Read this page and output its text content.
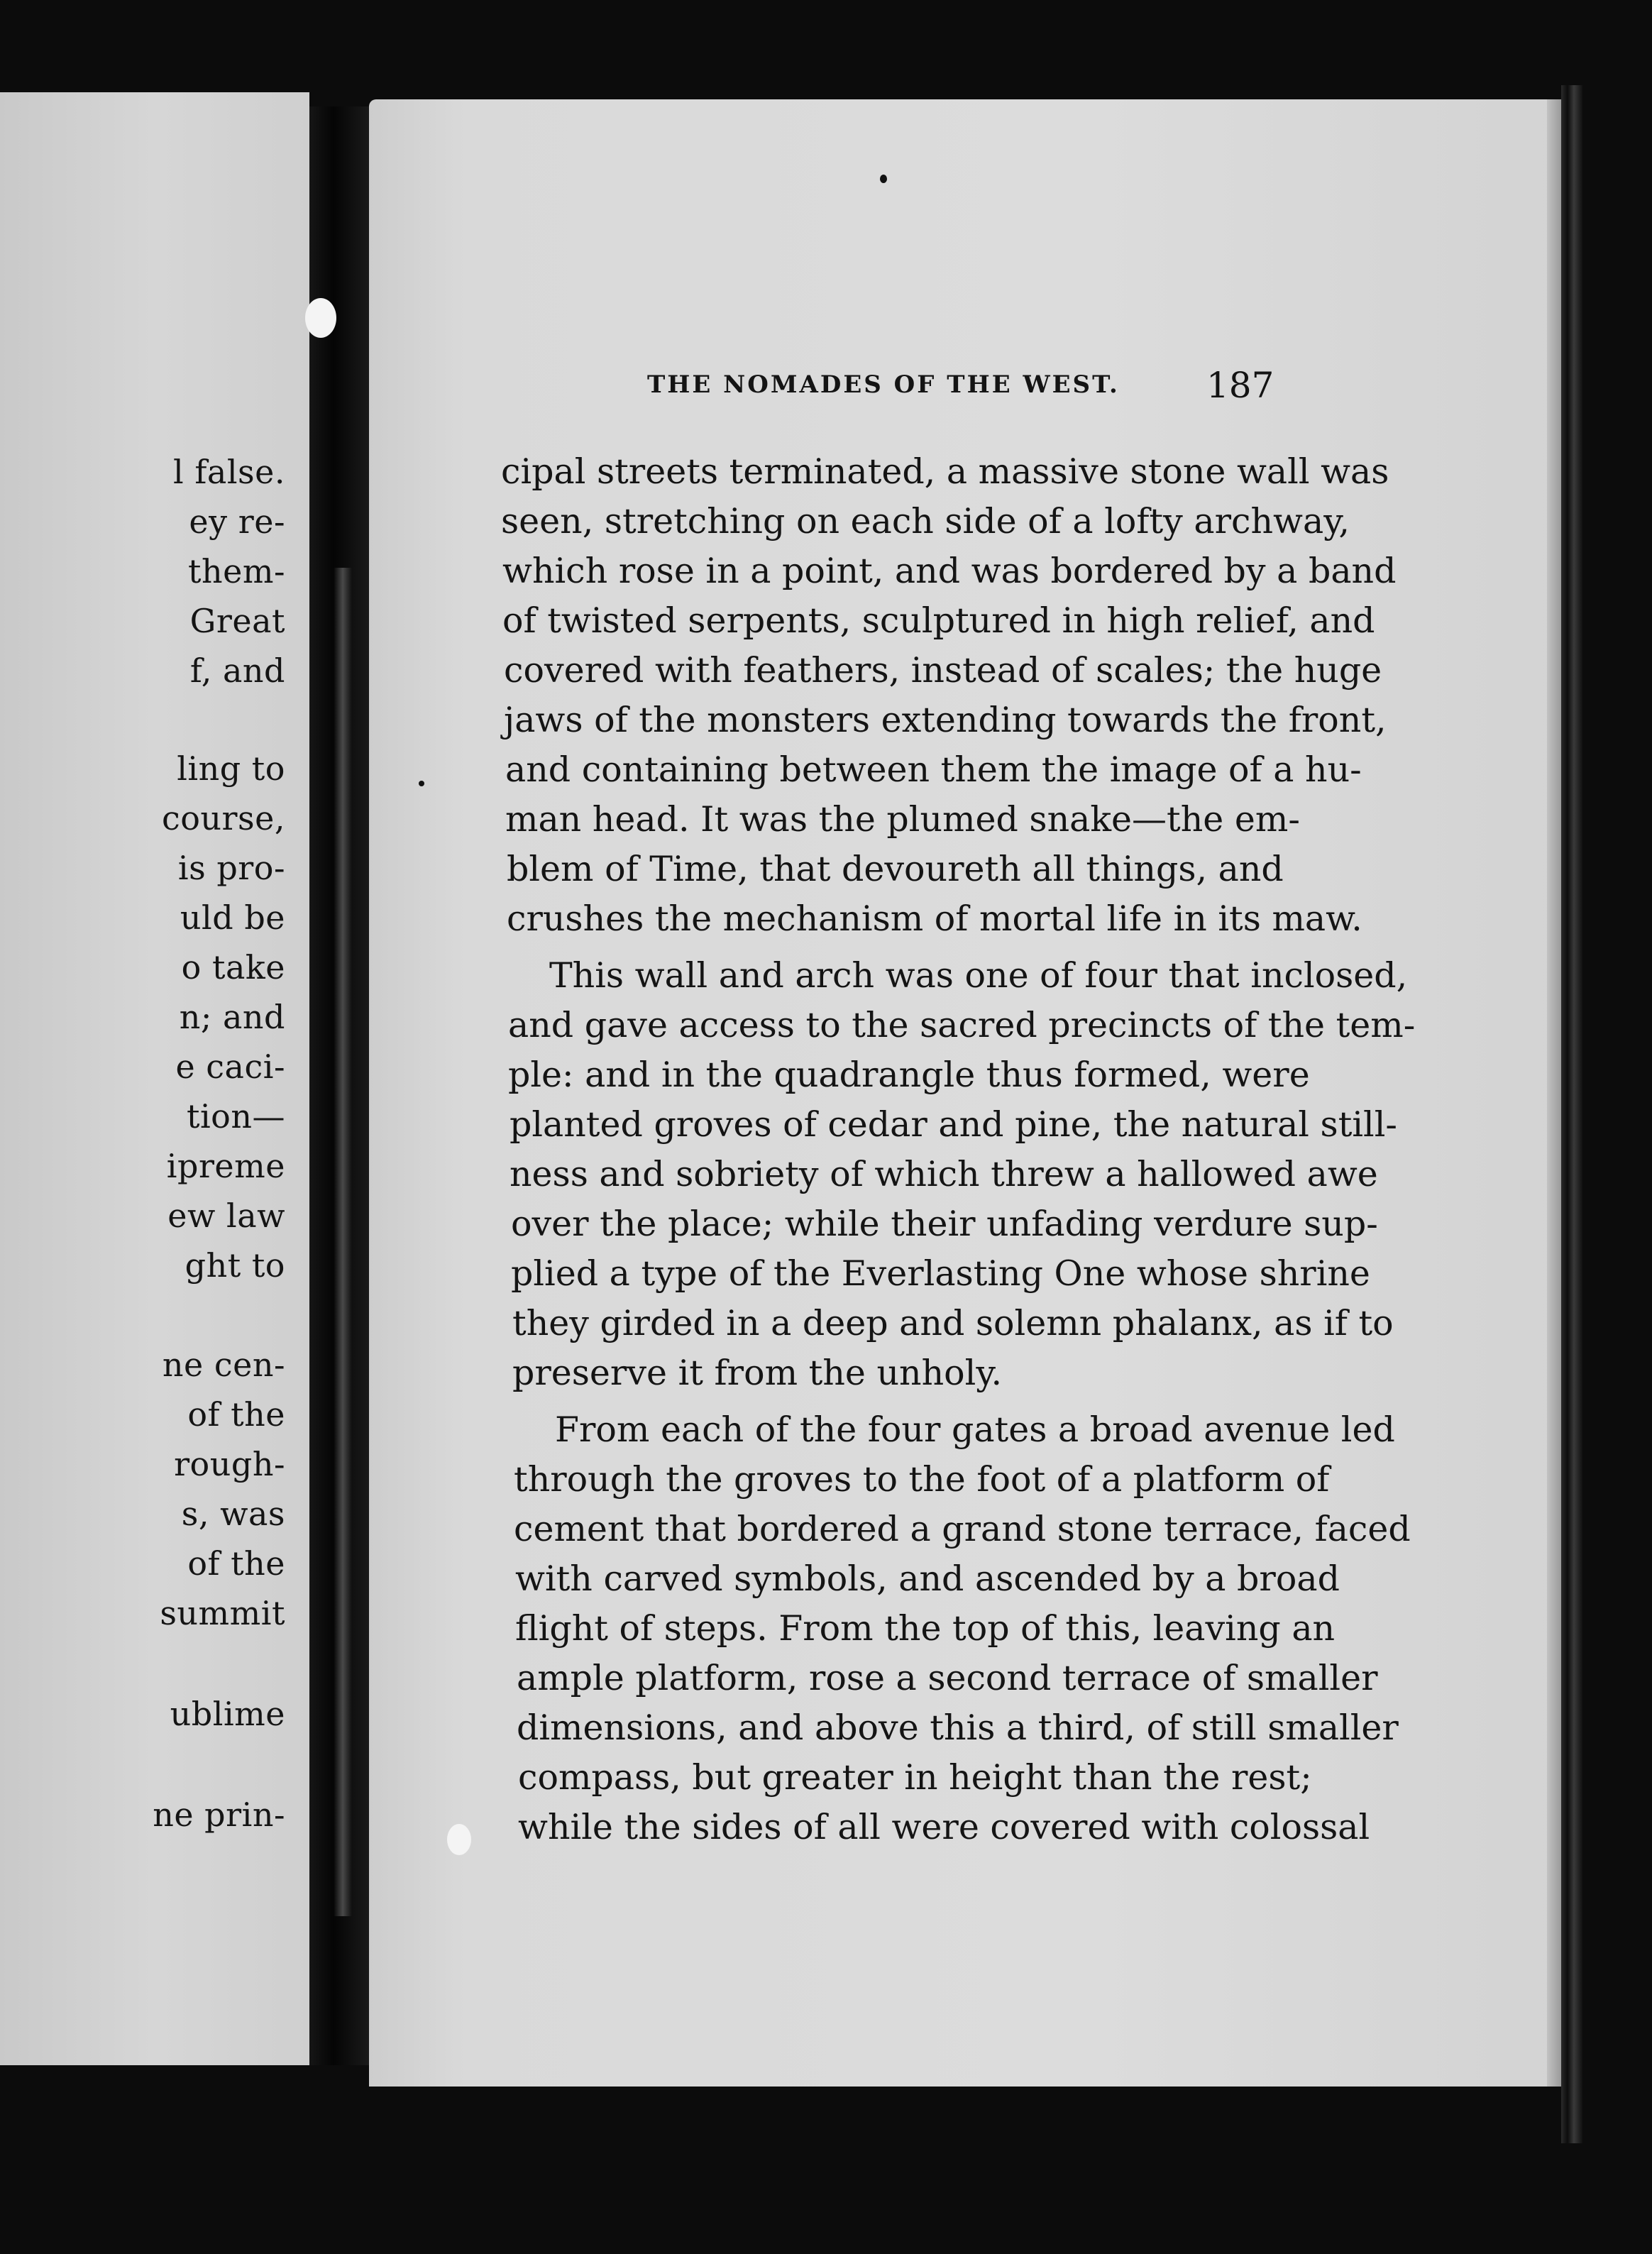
l false.
ey re-
them-
Great
f, and
ling to
course,
is pro-
uld be
o take
n; and
e caci-
tion—
ipreme
ew law
ght to
ne cen-
of the
rough-
s, was
of the
summit
ublime
ne prin-
THE NOMADES OF THE WEST. 187
cipal streets terminated, a massive stone wall was
seen, stretching on each side of a lofty archway,
which rose in a point, and was bordered by a band
of twisted serpents, sculptured in high relief, and
covered with feathers, instead of scales; the huge
jaws of the monsters extending towards the front,
and containing between them the image of a hu-
man head. It was the plumed snake—the em-
blem of Time, that devoureth all things, and
crushes the mechanism of mortal life in its maw.
This wall and arch was one of four that inclosed,
and gave access to the sacred precincts of the tem-
ple: and in the quadrangle thus formed, were
planted groves of cedar and pine, the natural still-
ness and sobriety of which threw a hallowed awe
over the place; while their unfading verdure sup-
plied a type of the Everlasting One whose shrine
they girded in a deep and solemn phalanx, as if to
preserve it from the unholy.
From each of the four gates a broad avenue led
through the groves to the foot of a platform of
cement that bordered a grand stone terrace, faced
with carved symbols, and ascended by a broad
flight of steps. From the top of this, leaving an
ample platform, rose a second terrace of smaller
dimensions, and above this a third, of still smaller
compass, but greater in height than the rest;
while the sides of all were covered with colossal
